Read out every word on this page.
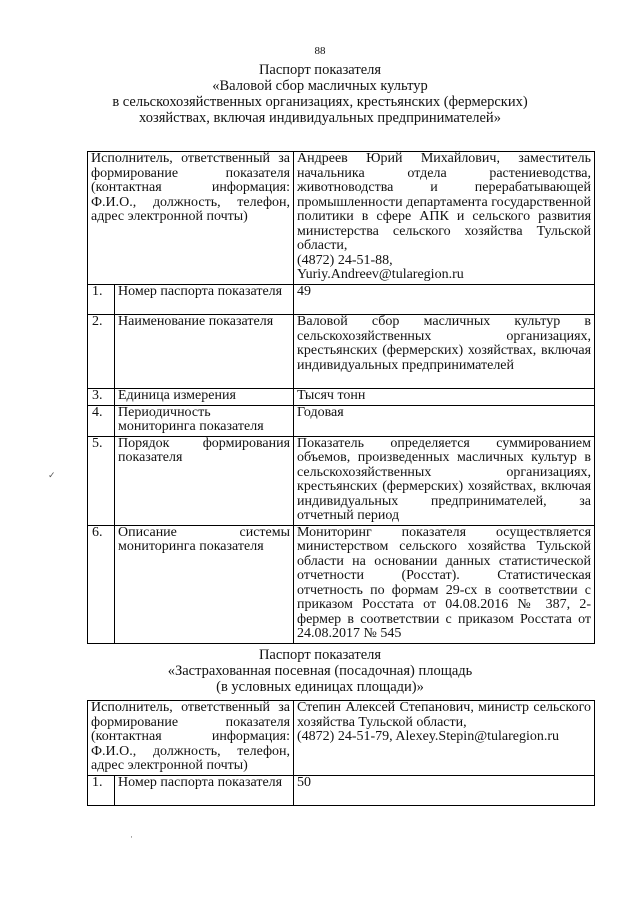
88
Паспорт показателя
«Валовой сбор масличных культур
в сельскохозяйственных организациях, крестьянских (фермерских)
хозяйствах, включая индивидуальных предпринимателей»
Исполнитель, ответственный за формирование показателя (контактная информация: Ф.И.О., должность, телефон, адрес электронной почты)		Андреев Юрий Михайлович, заместитель начальника отдела растениеводства, животноводства и перерабатывающей промышленности департамента государственной политики в сфере АПК и сельского развития министерства сельского хозяйства Тульской области,
(4872) 24-51-88,
Yuriy.Andreev@tularegion.ru

1.	Номер паспорта показателя	49
2.	Наименование показателя	Валовой сбор масличных культур в сельскохозяйственных организациях, крестьянских (фермерских) хозяйствах, включая индивидуальных предпринимателей
3.	Единица измерения	Тысяч тонн
4.	Периодичность мониторинга показателя	Годовая
5.	Порядок формирования показателя	Показатель определяется суммированием объемов, произведенных масличных культур в сельскохозяйственных организациях, крестьянских (фермерских) хозяйствах, включая индивидуальных предпринимателей, за отчетный период
6.	Описание системы мониторинга показателя	Мониторинг показателя осуществляется министерством сельского хозяйства Тульской области на основании данных статистической отчетности (Росстат). Статистическая отчетность по формам 29-сх в соответствии с приказом Росстата от 04.08.2016 № 387, 2-фермер в соответствии с приказом Росстата от 24.08.2017 № 545
Паспорт показателя
«Застрахованная посевная (посадочная) площадь
(в условных единицах площади)»
Исполнитель, ответственный за формирование показателя (контактная информация: Ф.И.О., должность, телефон, адрес электронной почты)		Степин Алексей Степанович, министр сельского хозяйства Тульской области,
(4872) 24-51-79, Alexey.Stepin@tularegion.ru

1.	Номер паспорта показателя	50
✓
·
